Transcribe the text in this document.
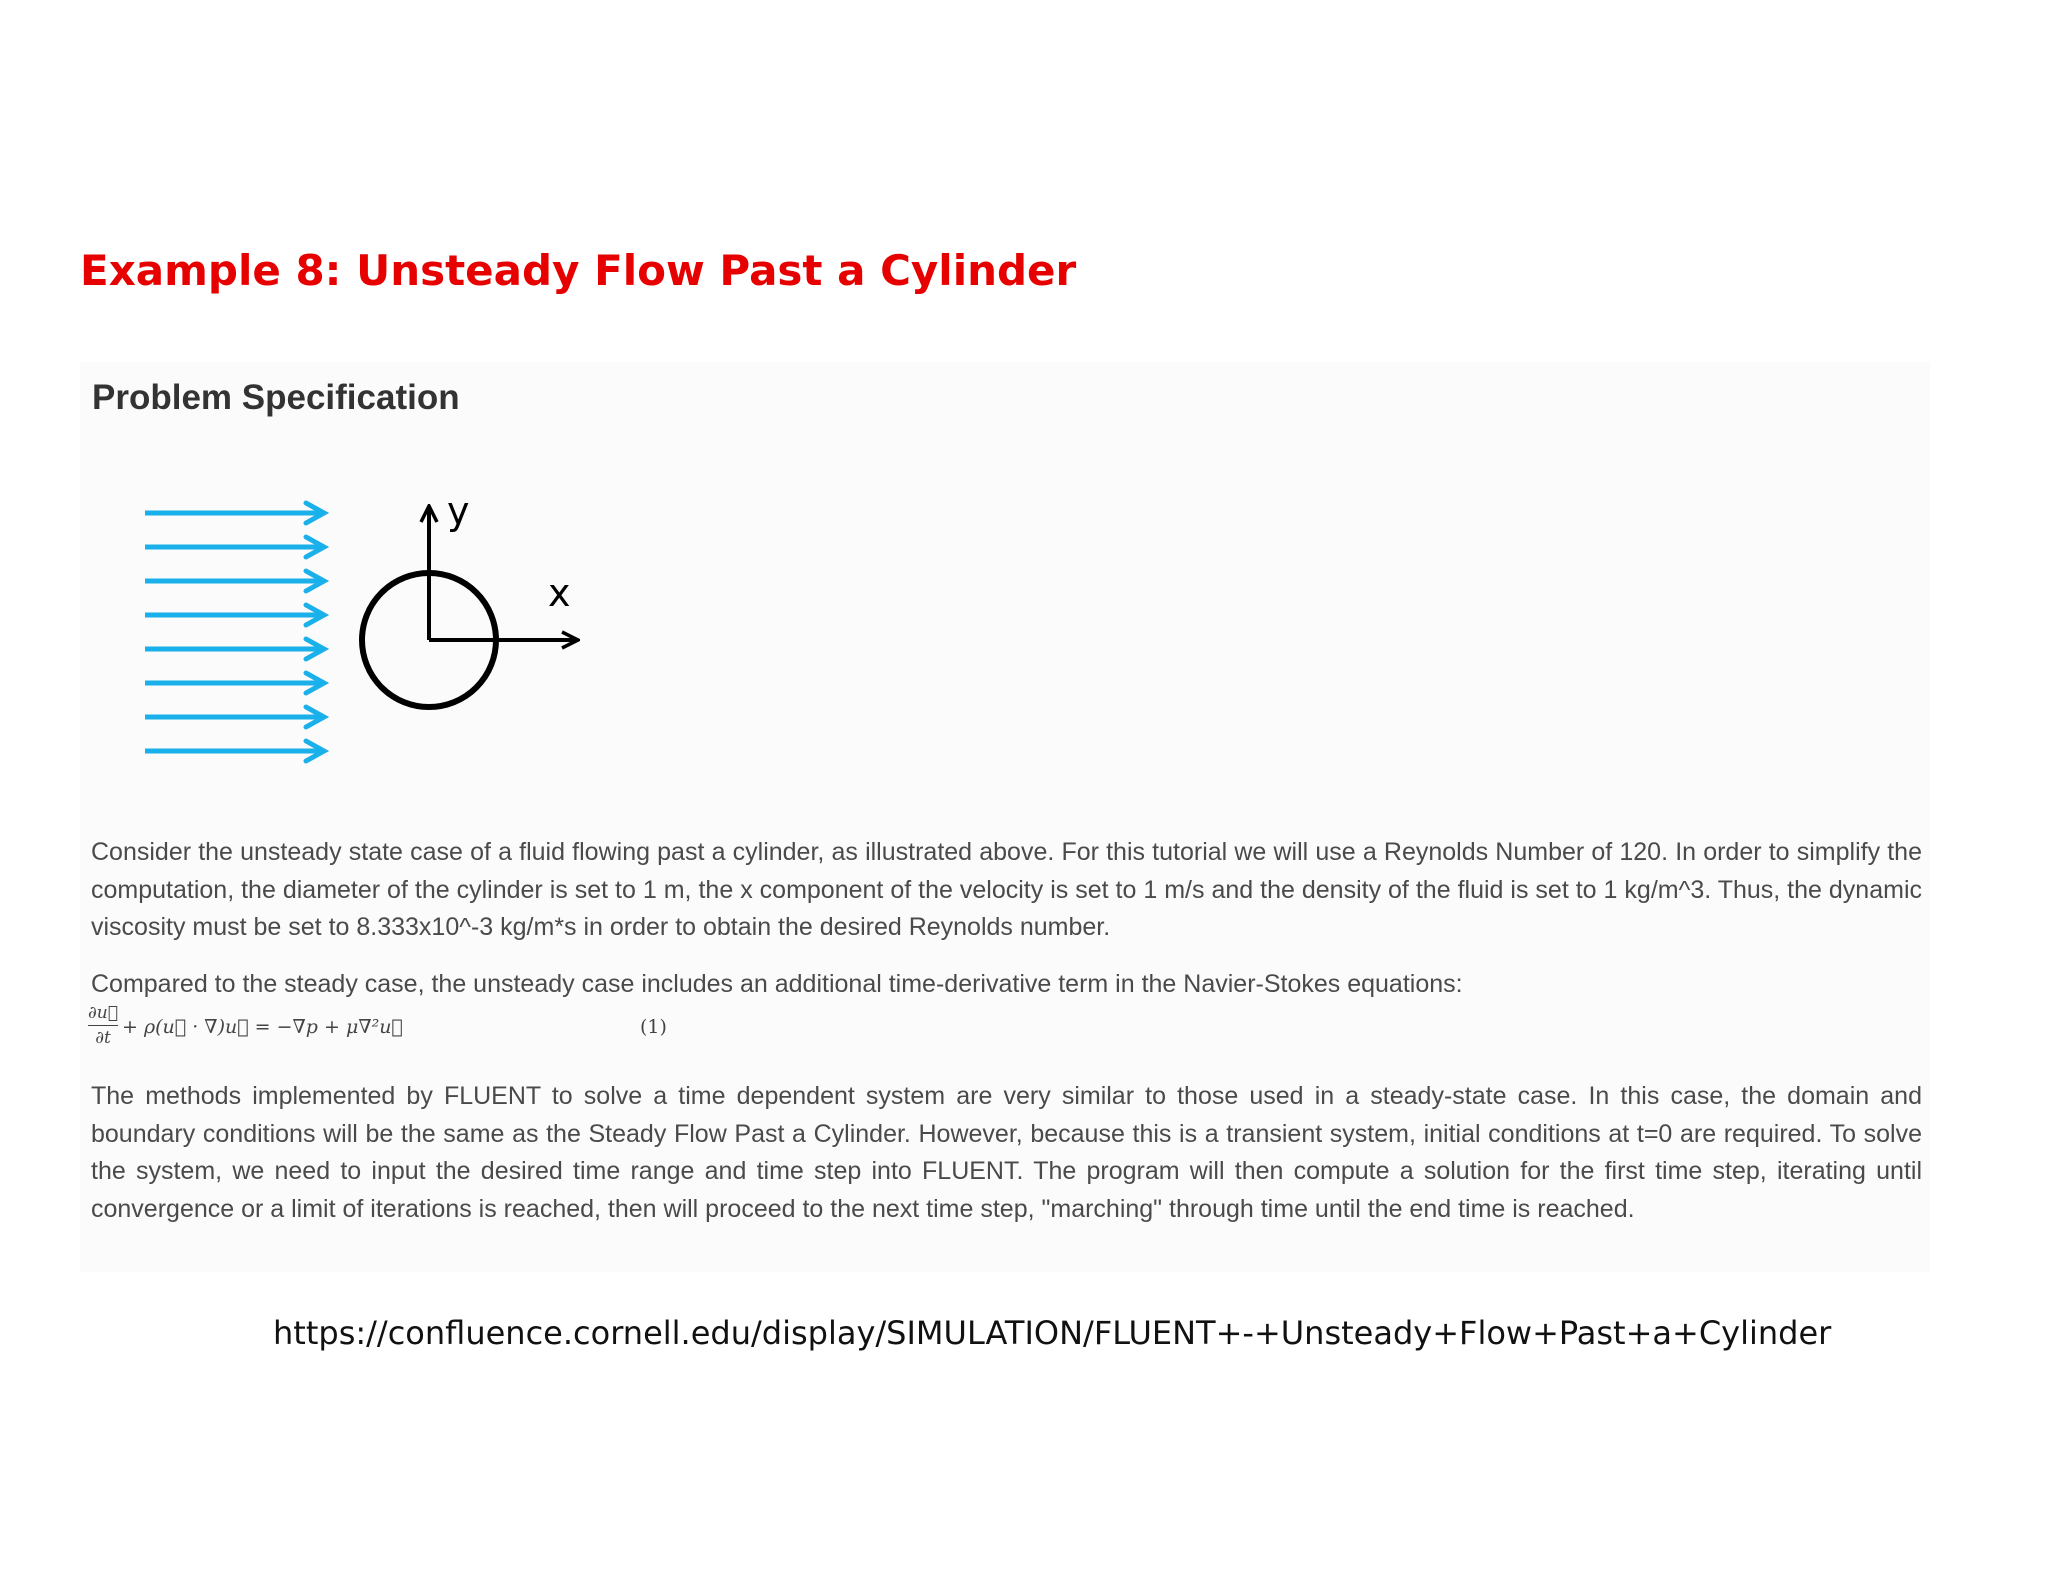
Example 8: Unsteady Flow Past a Cylinder
Problem Specification
y
x

Consider the unsteady state case of a fluid flowing past a cylinder, as illustrated above. For this tutorial we will use a Reynolds Number of 120. In order to simplify the computation, the diameter of the cylinder is set to 1 m, the x component of the velocity is set to 1 m/s and the density of the fluid is set to 1 kg/m^3. Thus, the dynamic viscosity must be set to 8.333x10^-3 kg/m*s in order to obtain the desired Reynolds number.

Compared to the steady case, the unsteady case includes an additional time-derivative term in the Navier-Stokes equations:

∂u⃗
∂t + ρ(u⃗ · ∇)u⃗ = −∇p + μ∇²u⃗	(1)

The methods implemented by FLUENT to solve a time dependent system are very similar to those used in a steady-state case. In this case, the domain and boundary conditions will be the same as the Steady Flow Past a Cylinder. However, because this is a transient system, initial conditions at t=0 are required. To solve the system, we need to input the desired time range and time step into FLUENT. The program will then compute a solution for the first time step, iterating until convergence or a limit of iterations is reached, then will proceed to the next time step, "marching" through time until the end time is reached.

https://confluence.cornell.edu/display/SIMULATION/FLUENT+-+Unsteady+Flow+Past+a+Cylinder
